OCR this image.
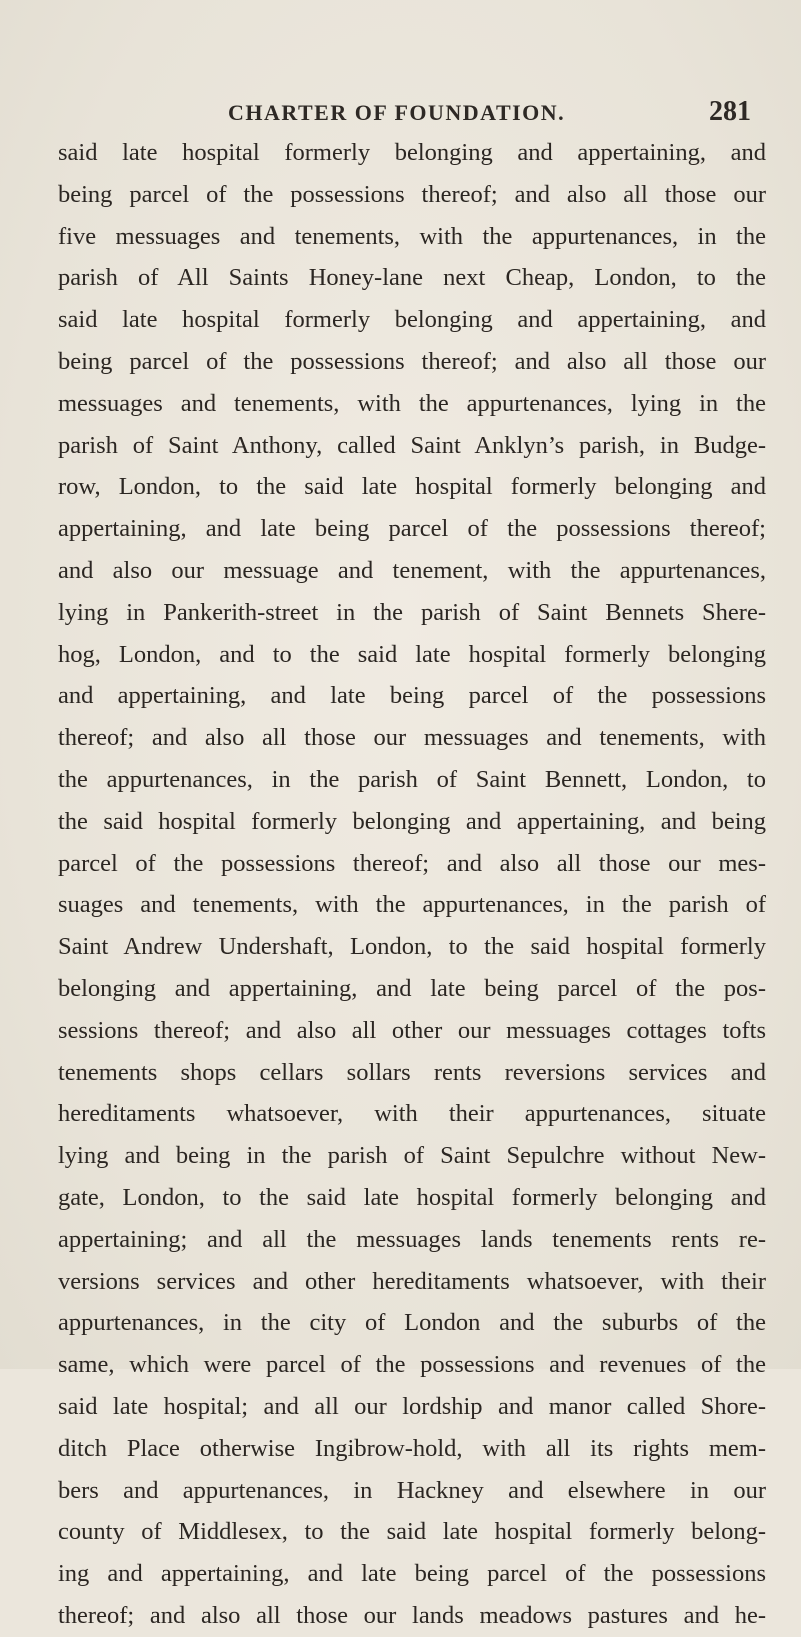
CHARTER OF FOUNDATION.	281
said late hospital formerly belonging and appertaining, and
being parcel of the possessions thereof; and also all those our
five messuages and tenements, with the appurtenances, in the
parish of All Saints Honey-lane next Cheap, London, to the
said late hospital formerly belonging and appertaining, and
being parcel of the possessions thereof; and also all those our
messuages and tenements, with the appurtenances, lying in the
parish of Saint Anthony, called Saint Anklyn’s parish, in Budge-
row, London, to the said late hospital formerly belonging and
appertaining, and late being parcel of the possessions thereof;
and also our messuage and tenement, with the appurtenances,
lying in Pankerith-street in the parish of Saint Bennets Shere-
hog, London, and to the said late hospital formerly belonging
and appertaining, and late being parcel of the possessions
thereof; and also all those our messuages and tenements, with
the appurtenances, in the parish of Saint Bennett, London, to
the said hospital formerly belonging and appertaining, and being
parcel of the possessions thereof; and also all those our mes-
suages and tenements, with the appurtenances, in the parish of
Saint Andrew Undershaft, London, to the said hospital formerly
belonging and appertaining, and late being parcel of the pos-
sessions thereof; and also all other our messuages cottages tofts
tenements shops cellars sollars rents reversions services and
hereditaments whatsoever, with their appurtenances, situate
lying and being in the parish of Saint Sepulchre without New-
gate, London, to the said late hospital formerly belonging and
appertaining; and all the messuages lands tenements rents re-
versions services and other hereditaments whatsoever, with their
appurtenances, in the city of London and the suburbs of the
same, which were parcel of the possessions and revenues of the
said late hospital; and all our lordship and manor called Shore-
ditch Place otherwise Ingibrow-hold, with all its rights mem-
bers and appurtenances, in Hackney and elsewhere in our
county of Middlesex, to the said late hospital formerly belong-
ing and appertaining, and late being parcel of the possessions
thereof; and also all those our lands meadows pastures and he-
